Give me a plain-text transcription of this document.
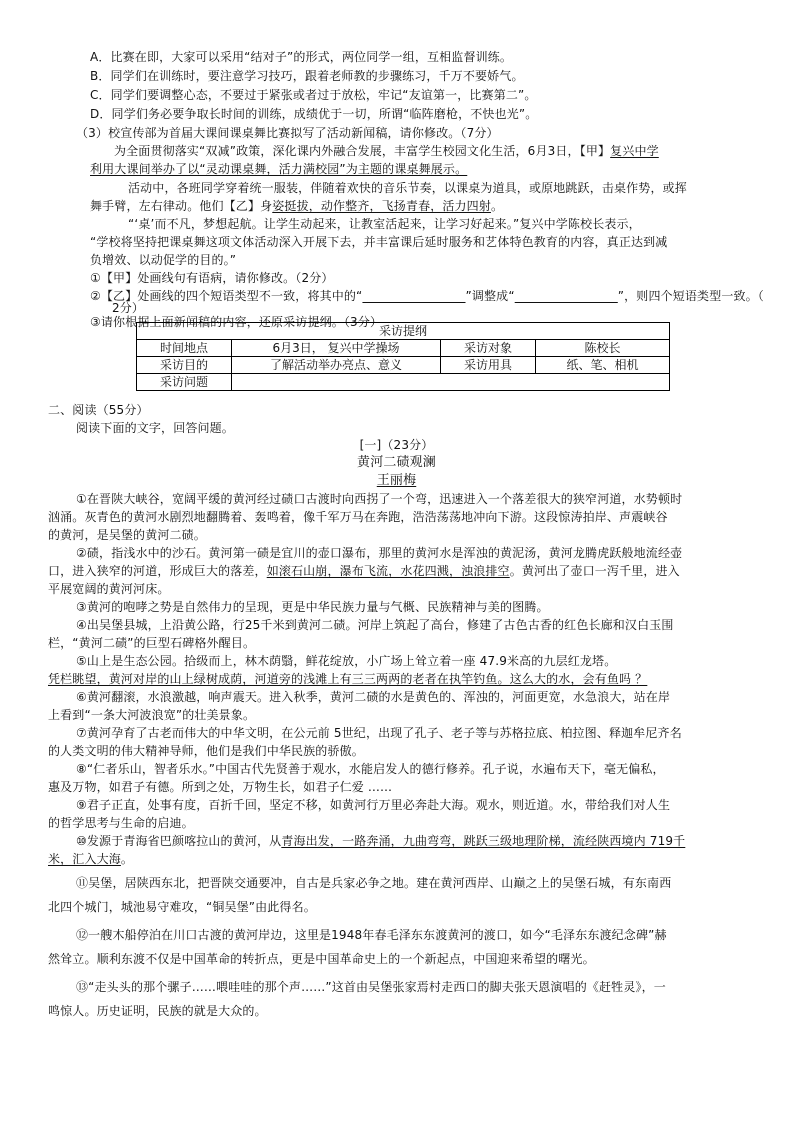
A．比赛在即，大家可以采用“结对子”的形式，两位同学一组，互相监督训练。
B．同学们在训练时，要注意学习技巧，跟着老师教的步骤练习，千万不要娇气。
C．同学们要调整心态，不要过于紧张或者过于放松，牢记“友谊第一，比赛第二”。
D．同学们务必要争取长时间的训练，成绩优于一切，所谓“临阵磨枪，不快也光”。
（3）校宣传部为首届大课间课桌舞比赛拟写了活动新闻稿，请你修改。（7分）
为全面贯彻落实“双减”政策，深化课内外融合发展，丰富学生校园文化生活，6月3日，【甲】复兴中学
利用大课间举办了以“灵动课桌舞，活力满校园”为主题的课桌舞展示。
活动中，各班同学穿着统一服装，伴随着欢快的音乐节奏，以课桌为道具，或原地跳跃，击桌作势，或挥
舞手臂，左右律动。他们【乙】身姿挺拔，动作整齐，飞扬青春，活力四射。
“‘桌’而不凡，梦想起航。让学生动起来，让教室活起来，让学习好起来。”复兴中学陈校长表示，
“学校将坚持把课桌舞这项文体活动深入开展下去，并丰富课后延时服务和艺体特色教育的内容，真正达到减
负增效、以动促学的目的。”
①【甲】处画线句有语病，请你修改。（2分）
②【乙】处画线的四个短语类型不一致，将其中的“	”调整成“	”，则四个短语类型一致。（
2分）
③请你根据上面新闻稿的内容，还原采访提纲。（3分）
采访提纲			
时间地点	6月3日， 复兴中学操场	采访对象	陈校长
采访目的	了解活动举办亮点、意义	采访用具	纸、笔、相机
采访问题			
二、阅读（55分）
阅读下面的文字，回答问题。
[一]（23分）
黄河二碛观澜
王丽梅
①在晋陕大峡谷，宽阔平缓的黄河经过碛口古渡时向西拐了一个弯，迅速进入一个落差很大的狭窄河道，水势顿时
汹涌。灰青色的黄河水剧烈地翻腾着、轰鸣着，像千军万马在奔跑，浩浩荡荡地冲向下游。这段惊涛拍岸、声震峡谷
的黄河，是吴堡的黄河二碛。
②碛，指浅水中的沙石。黄河第一碛是宜川的壶口瀑布，那里的黄河水是浑浊的黄泥汤，黄河龙腾虎跃般地流经壶
口，进入狭窄的河道，形成巨大的落差，如滚石山崩，瀑布飞流，水花四溅，浊浪排空。黄河出了壶口一泻千里，进入
平展宽阔的黄河河床。
③黄河的咆哮之势是自然伟力的呈现，更是中华民族力量与气概、民族精神与美的图腾。
④出吴堡县城，上沿黄公路，行25千米到黄河二碛。河岸上筑起了高台，修建了古色古香的红色长廊和汉白玉围
栏，“黄河二碛”的巨型石碑格外醒目。
⑤山上是生态公园。拾级而上，林木荫翳，鲜花绽放，小广场上耸立着一座 47.9米高的九层红龙塔。
凭栏眺望，黄河对岸的山上绿树成荫，河道旁的浅滩上有三三两两的老者在执竿钓鱼。这么大的水，会有鱼吗 ？
⑥黄河翻滚，水浪激越，响声震天。进入秋季，黄河二碛的水是黄色的、浑浊的，河面更宽，水急浪大，站在岸
上看到“一条大河波浪宽”的壮美景象。
⑦黄河孕育了古老而伟大的中华文明，在公元前 5世纪，出现了孔子、老子等与苏格拉底、柏拉图、释迦牟尼齐名
的人类文明的伟大精神导师，他们是我们中华民族的骄傲。
⑧“仁者乐山，智者乐水。”中国古代先贤善于观水，水能启发人的德行修养。孔子说，水遍布天下，毫无偏私，
惠及万物，如君子有德。所到之处，万物生长，如君子仁爱 ……
⑨君子正直，处事有度，百折千回，坚定不移，如黄河行万里必奔赴大海。观水，则近道。水，带给我们对人生
的哲学思考与生命的启迪。
⑩发源于青海省巴颜喀拉山的黄河，从青海出发，一路奔涌，九曲弯弯，跳跃三级地理阶梯，流经陕西境内 719千
米，汇入大海。
⑪吴堡，居陕西东北，把晋陕交通要冲，自古是兵家必争之地。建在黄河西岸、山巅之上的吴堡石城，有东南西
北四个城门，城池易守难攻，“铜吴堡”由此得名。
⑫一艘木船停泊在川口古渡的黄河岸边，这里是1948年春毛泽东东渡黄河的渡口，如今“毛泽东东渡纪念碑”赫
然耸立。顺利东渡不仅是中国革命的转折点，更是中国革命史上的一个新起点，中国迎来希望的曙光。
⑬“走头头的那个骡子……喂哇哇的那个声……”这首由吴堡张家焉村走西口的脚夫张天恩演唱的《赶牲灵》，一
鸣惊人。历史证明，民族的就是大众的。
